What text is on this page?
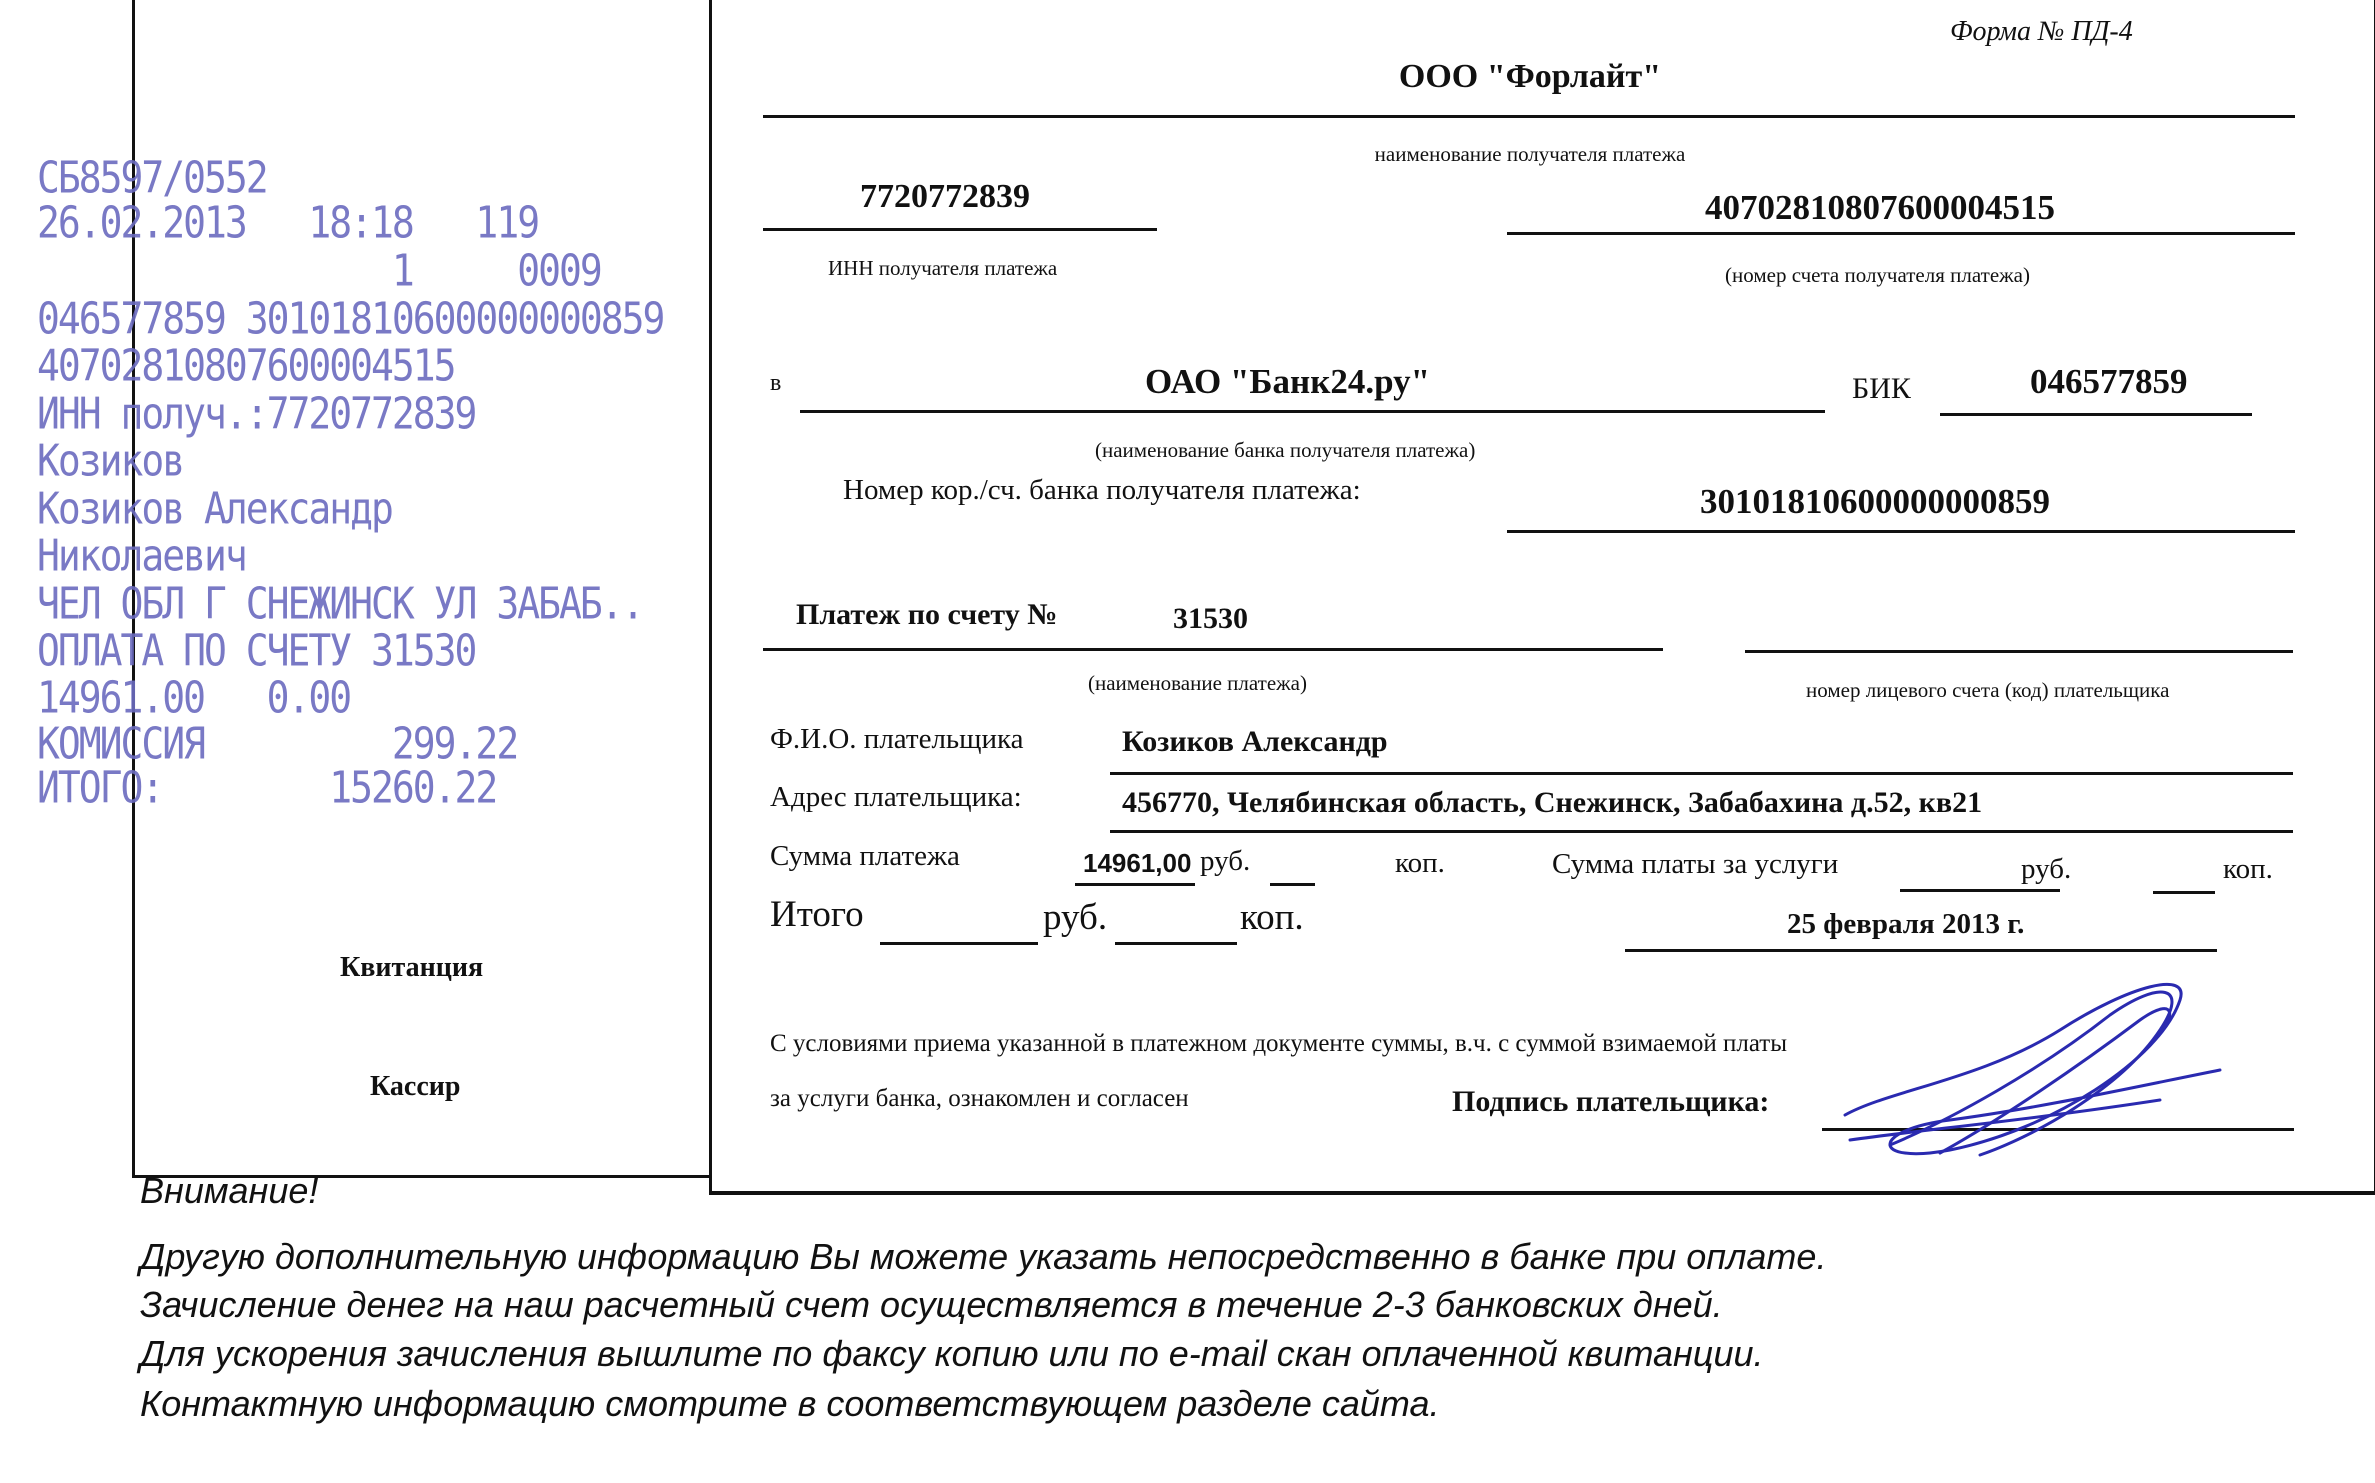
СБ8597/0552
26.02.2013   18:18   119
1     0009
046577859 30101810600000000859
40702810807600004515
ИНН получ.:7720772839
Козиков
Козиков Александр
Николаевич
ЧЕЛ ОБЛ Г СНЕЖИНСК УЛ ЗАБАБ..
ОПЛАТА ПО СЧЕТУ 31530
14961.00   0.00
КОМИССИЯ         299.22
ИТОГО:        15260.22
Квитанция
Кассир
Форма № ПД-4
ООО "Форлайт"
наименование получателя платежа
7720772839
ИНН получателя платежа
40702810807600004515
(номер счета получателя платежа)
в	ОАО "Банк24.ру"	БИК	046577859
(наименование банка получателя платежа)
Номер кор./сч. банка получателя платежа:	30101810600000000859
Платеж по счету №	31530
(наименование платежа)	номер лицевого счета (код) плательщика
Ф.И.О. плательщика	Козиков Александр
Адрес плательщика:	456770, Челябинская область, Снежинск, Забабахина д.52, кв21
Сумма платежа	14961,00 руб.	коп.	Сумма платы за услуги	руб.	коп.
Итого	руб.	коп.	25 февраля 2013 г.
С условиями приема указанной в платежном документе суммы, в.ч. с суммой взимаемой платы
за услуги банка, ознакомлен и согласен	Подпись плательщика:
Внимание!
Другую дополнительную информацию Вы можете указать непосредственно в банке при оплате.
Зачисление денег на наш расчетный счет осуществляется в течение 2-3 банковских дней.
Для ускорения зачисления вышлите по факсу копию или по e-mail скан оплаченной квитанции.
Контактную информацию смотрите в соответствующем разделе сайта.
